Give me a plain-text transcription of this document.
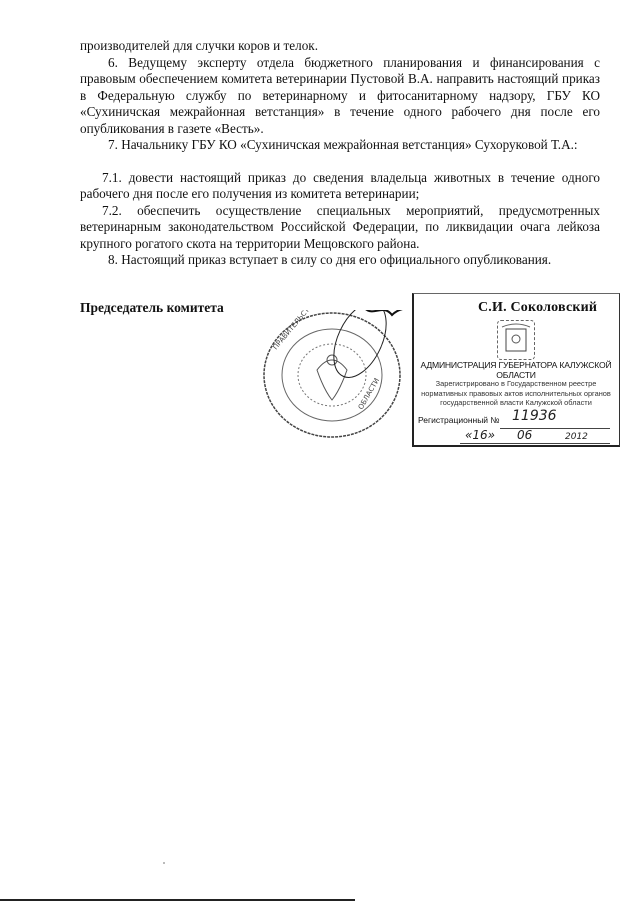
производителей для случки коров и телок.
6. Ведущему эксперту отдела бюджетного планирования и финансирования с правовым обеспечением комитета ветеринарии Пустовой В.А. направить настоящий приказ в Федеральную службу по ветеринарному и фитосанитарному надзору, ГБУ КО «Сухиничская межрайонная ветстанция» в течение одного рабочего дня после его опубликования в газете «Весть».
7. Начальнику ГБУ КО «Сухиничская межрайонная ветстанция» Сухоруковой Т.А.:
7.1. довести настоящий приказ до сведения владельца животных в течение одного рабочего дня после его получения из комитета ветеринарии;
7.2. обеспечить осуществление специальных мероприятий, предусмотренных ветеринарным законодательством Российской Федерации, по ликвидации очага лейкоза крупного рогатого скота на территории Мещовского района.
8. Настоящий приказ вступает в силу со дня его официального опубликования.
Председатель комитета	С.И. Соколовский
АДМИНИСТРАЦИЯ ГУБЕРНАТОРА КАЛУЖСКОЙ ОБЛАСТИ
Зарегистрировано в Государственном реестре нормативных правовых актов исполнительных органов государственной власти Калужской области
Регистрационный № 11936
«16» 06	2012
ПРАВИТЕЛЬСТВО
ОБЛАСТИ
